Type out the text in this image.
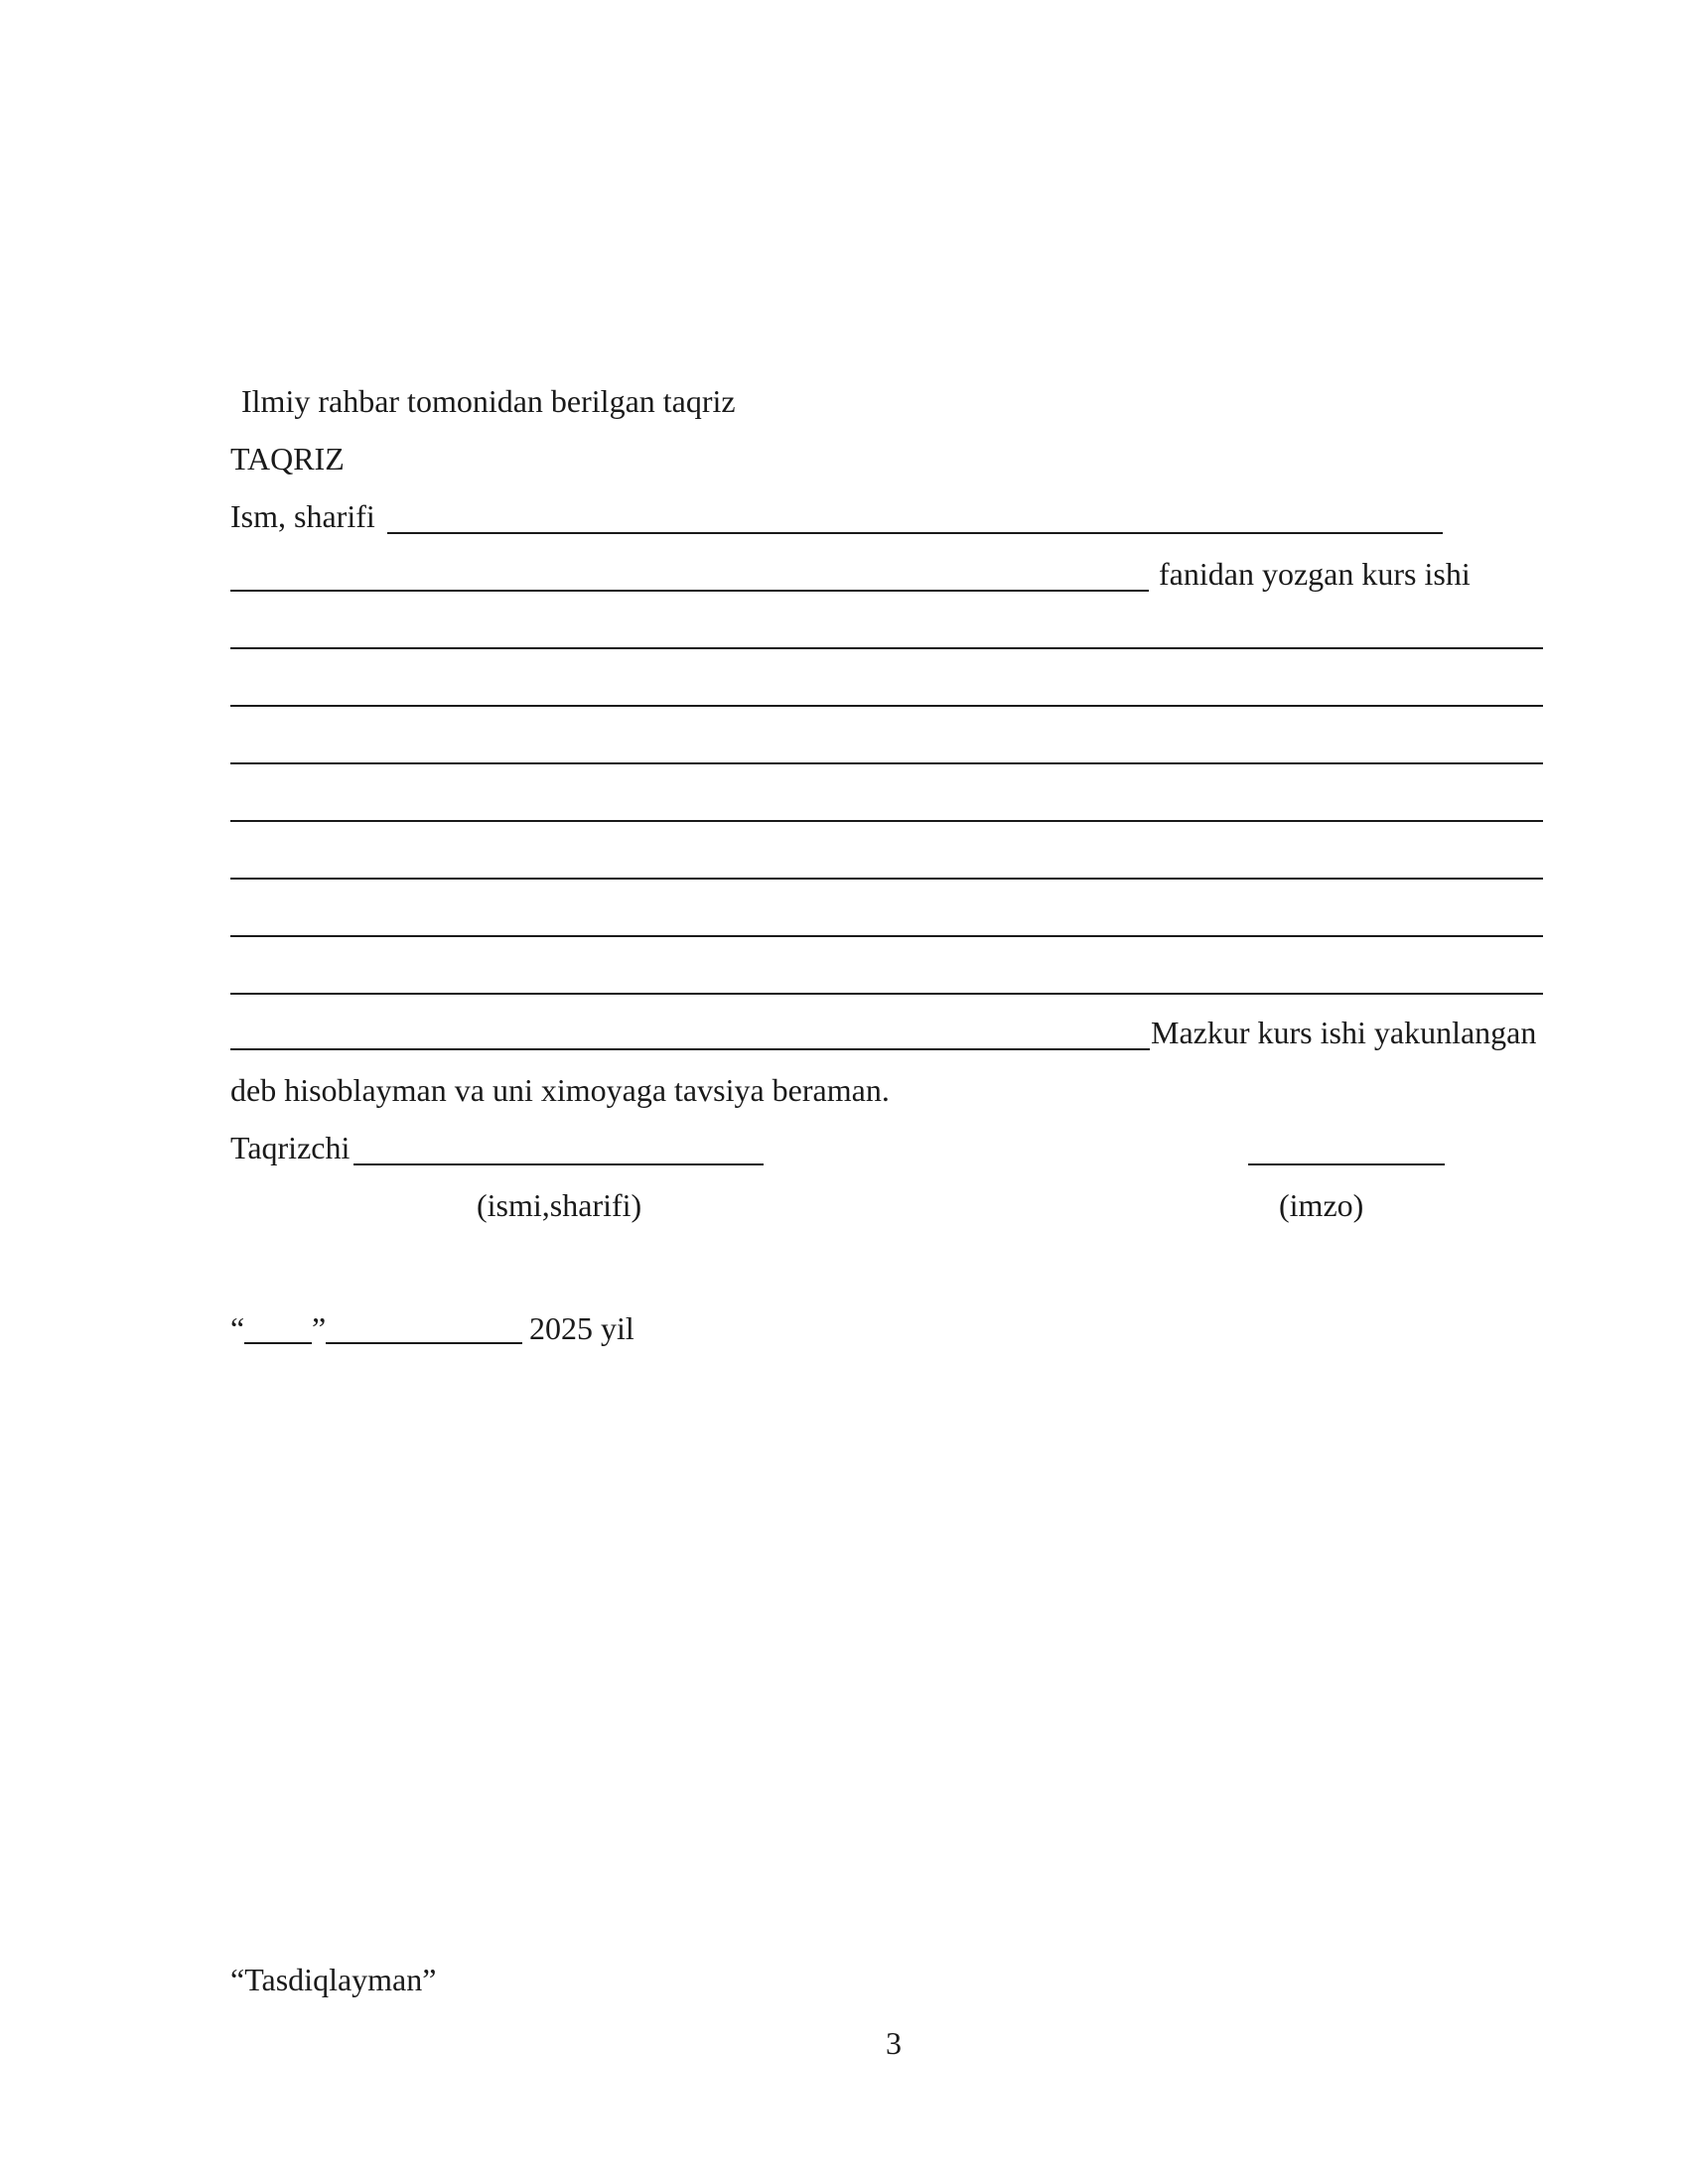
Ilmiy rahbar tomonidan berilgan taqriz
TAQRIZ
Ism, sharifi
fanidan yozgan kurs ishi
Mazkur kurs ishi yakunlangan
deb hisoblayman va uni ximoyaga tavsiya beraman.
Taqrizchi
(ismi,sharifi)	(imzo)
“ ”	2025 yil
“Tasdiqlayman”
3
